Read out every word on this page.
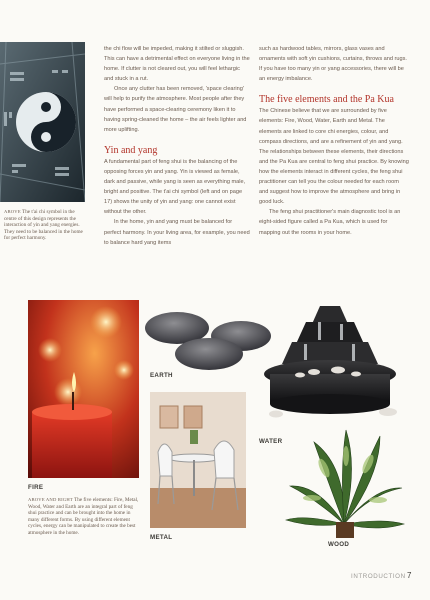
ABOVE The t'ai chi symbol in the centre of this design represents the interaction of yin and yang energies. They need to be balanced in the home for perfect harmony.

the chi flow will be impeded, making it stilted or sluggish. This can have a detrimental effect on everyone living in the home. If clutter is not cleared out, you will feel lethargic and stuck in a rut.

Once any clutter has been removed, 'space clearing' will help to purify the atmosphere. Most people after they have performed a space-clearing ceremony liken it to having spring-cleaned the home – the air feels lighter and more uplifting.

Yin and yang

A fundamental part of feng shui is the balancing of the opposing forces yin and yang. Yin is viewed as female, dark and passive, while yang is seen as everything male, bright and positive. The t'ai chi symbol (left and on page 17) shows the unity of yin and yang: one cannot exist without the other.

In the home, yin and yang must be balanced for perfect harmony. In your living area, for example, you need to balance hard yang items

such as hardwood tables, mirrors, glass vases and ornaments with soft yin cushions, curtains, throws and rugs. If you have too many yin or yang accessories, there will be an energy imbalance.

The five elements and the Pa Kua

The Chinese believe that we are surrounded by five elements: Fire, Wood, Water, Earth and Metal. The elements are linked to core chi energies, colour, and compass directions, and are a refinement of yin and yang. The relationships between these elements, their directions and the Pa Kua are central to feng shui practice. By knowing how the elements interact in different cycles, the feng shui practitioner can tell you the colour needed for each room and suggest how to improve the atmosphere and bring in good luck.

The feng shui practitioner's main diagnostic tool is an eight-sided figure called a Pa Kua, which is used for mapping out the rooms in your home.

FIRE
EARTH
WATER
METAL
WOOD
ABOVE AND RIGHT The five elements: Fire, Metal, Wood, Water and Earth are an integral part of feng shui practice and can be brought into the home in many different forms. By using different element cycles, energy can be manipulated to create the best atmosphere in the home.
INTRODUCTION 7
